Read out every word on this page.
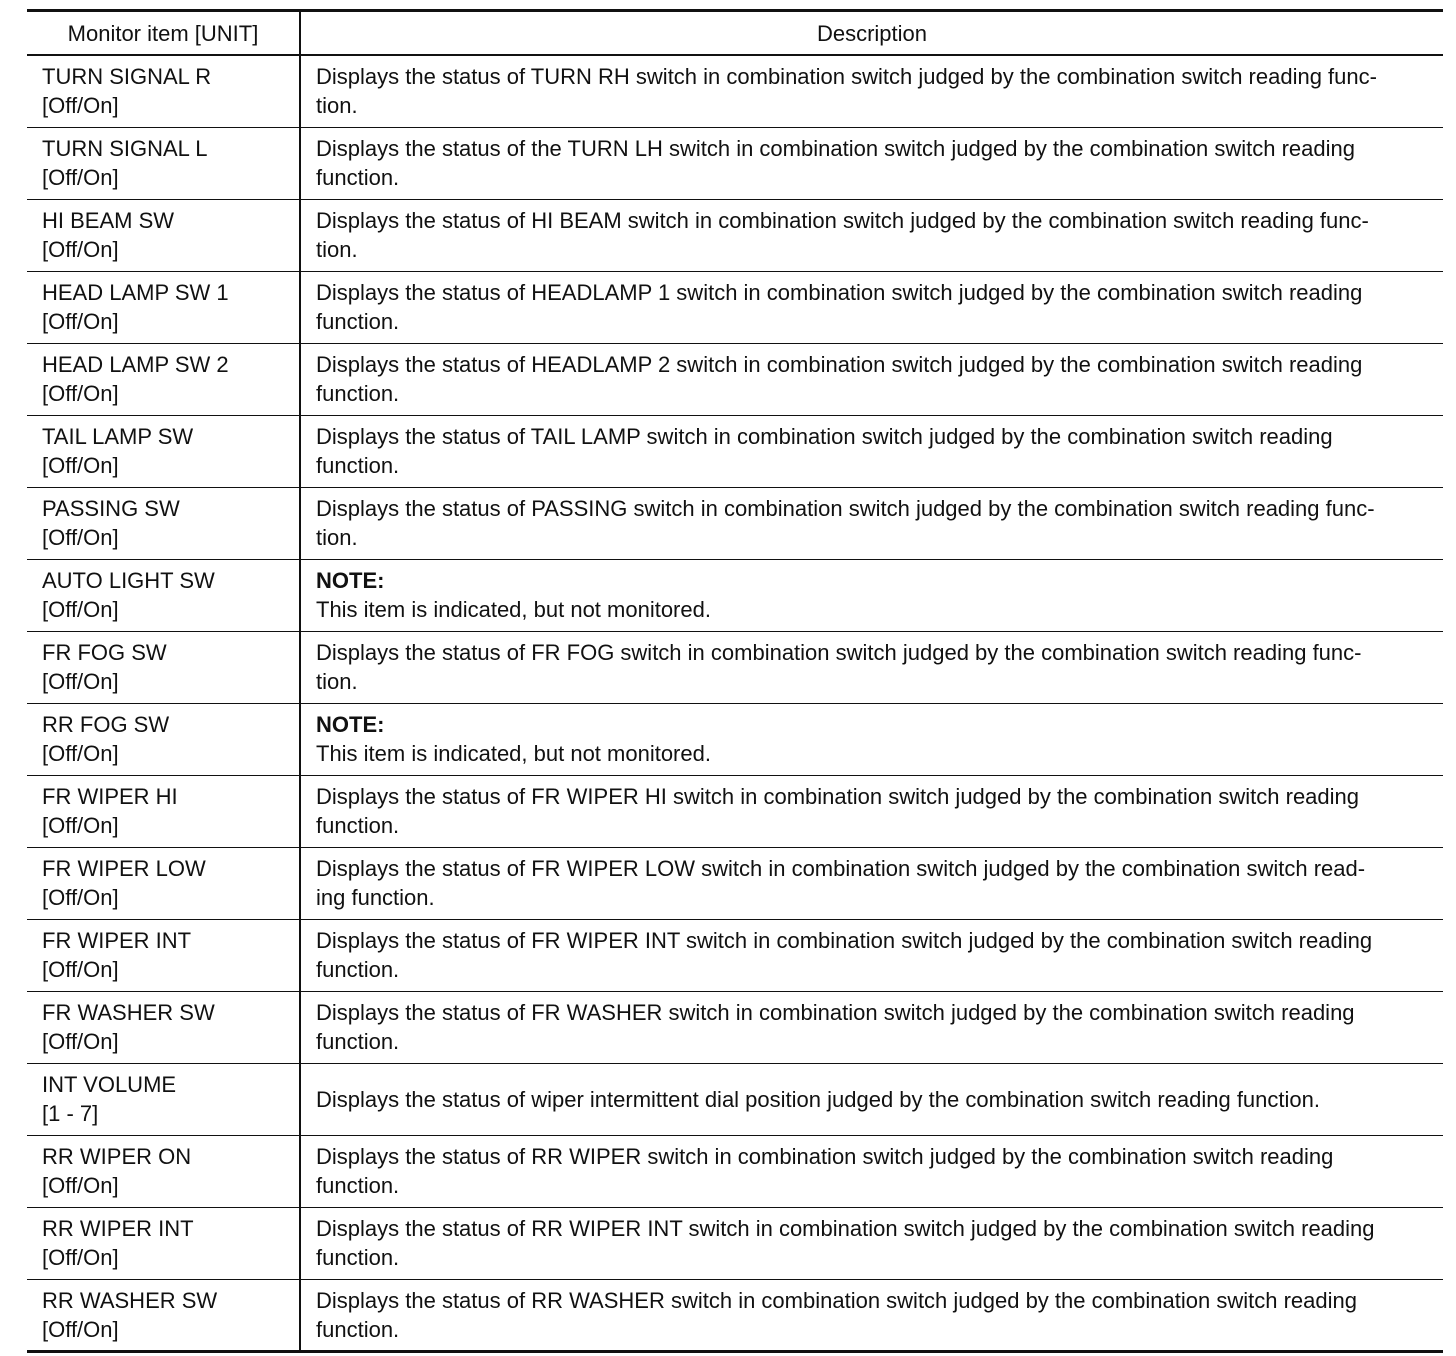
Monitor item [UNIT]	Description

TURN SIGNAL R
[Off/On]	Displays the status of TURN RH switch in combination switch judged by the combination switch reading func-
tion.

TURN SIGNAL L
[Off/On]	Displays the status of the TURN LH switch in combination switch judged by the combination switch reading
function.

HI BEAM SW
[Off/On]	Displays the status of HI BEAM switch in combination switch judged by the combination switch reading func-
tion.

HEAD LAMP SW 1
[Off/On]	Displays the status of HEADLAMP 1 switch in combination switch judged by the combination switch reading
function.

HEAD LAMP SW 2
[Off/On]	Displays the status of HEADLAMP 2 switch in combination switch judged by the combination switch reading
function.

TAIL LAMP SW
[Off/On]	Displays the status of TAIL LAMP switch in combination switch judged by the combination switch reading
function.

PASSING SW
[Off/On]	Displays the status of PASSING switch in combination switch judged by the combination switch reading func-
tion.

AUTO LIGHT SW
[Off/On]	NOTE:
This item is indicated, but not monitored.

FR FOG SW
[Off/On]	Displays the status of FR FOG switch in combination switch judged by the combination switch reading func-
tion.

RR FOG SW
[Off/On]	NOTE:
This item is indicated, but not monitored.

FR WIPER HI
[Off/On]	Displays the status of FR WIPER HI switch in combination switch judged by the combination switch reading
function.

FR WIPER LOW
[Off/On]	Displays the status of FR WIPER LOW switch in combination switch judged by the combination switch read-
ing function.

FR WIPER INT
[Off/On]	Displays the status of FR WIPER INT switch in combination switch judged by the combination switch reading
function.

FR WASHER SW
[Off/On]	Displays the status of FR WASHER switch in combination switch judged by the combination switch reading
function.

INT VOLUME
[1 - 7]	Displays the status of wiper intermittent dial position judged by the combination switch reading function.

RR WIPER ON
[Off/On]	Displays the status of RR WIPER switch in combination switch judged by the combination switch reading
function.

RR WIPER INT
[Off/On]	Displays the status of RR WIPER INT switch in combination switch judged by the combination switch reading
function.

RR WASHER SW
[Off/On]	Displays the status of RR WASHER switch in combination switch judged by the combination switch reading
function.
